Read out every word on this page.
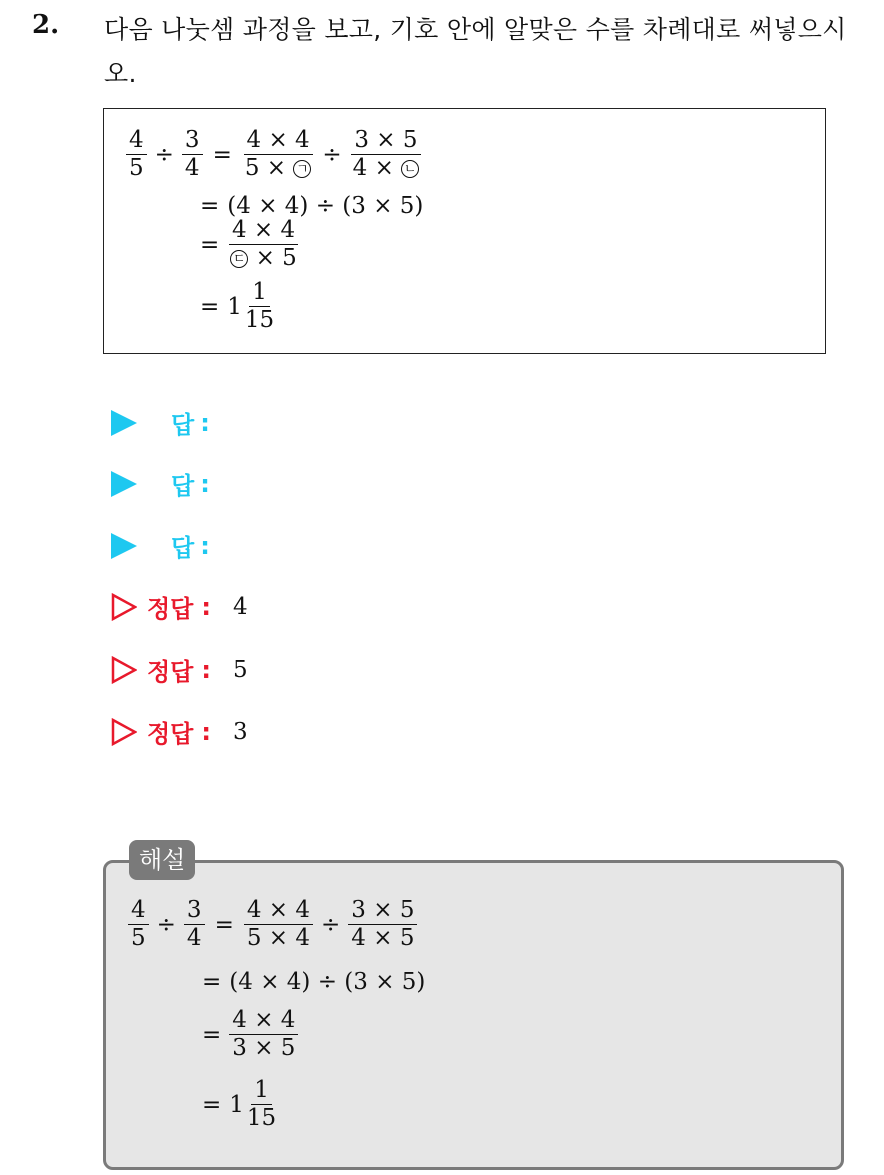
2. 다음 나눗셈 과정을 보고, 기호 안에 알맞은 수를 차례대로 써넣으시오.
$\frac{4}{5} \div \frac{3}{4} = \frac{4 \times 4}{\text{5 × ㄱ}} \div \frac{3 \times 5}{\text{4 × ㄴ}}$
= (4 × 4) ÷ (3 × 5)
= $\frac{4 \times 4}{\text{ㄷ × 5}}$
= $1 \frac{1}{15}$
답 :
답 :
답 :
정답 : 4
정답 : 5
정답 : 3
$\frac{4}{5} \div \frac{3}{4} = \frac{4 \times 4}{5 \times 4} \div \frac{3 \times 5}{4 \times 5}$
= (4 × 4) ÷ (3 × 5)
= $\frac{4 \times 4}{3 \times 5}$
= $1 \frac{1}{15}$
해설
